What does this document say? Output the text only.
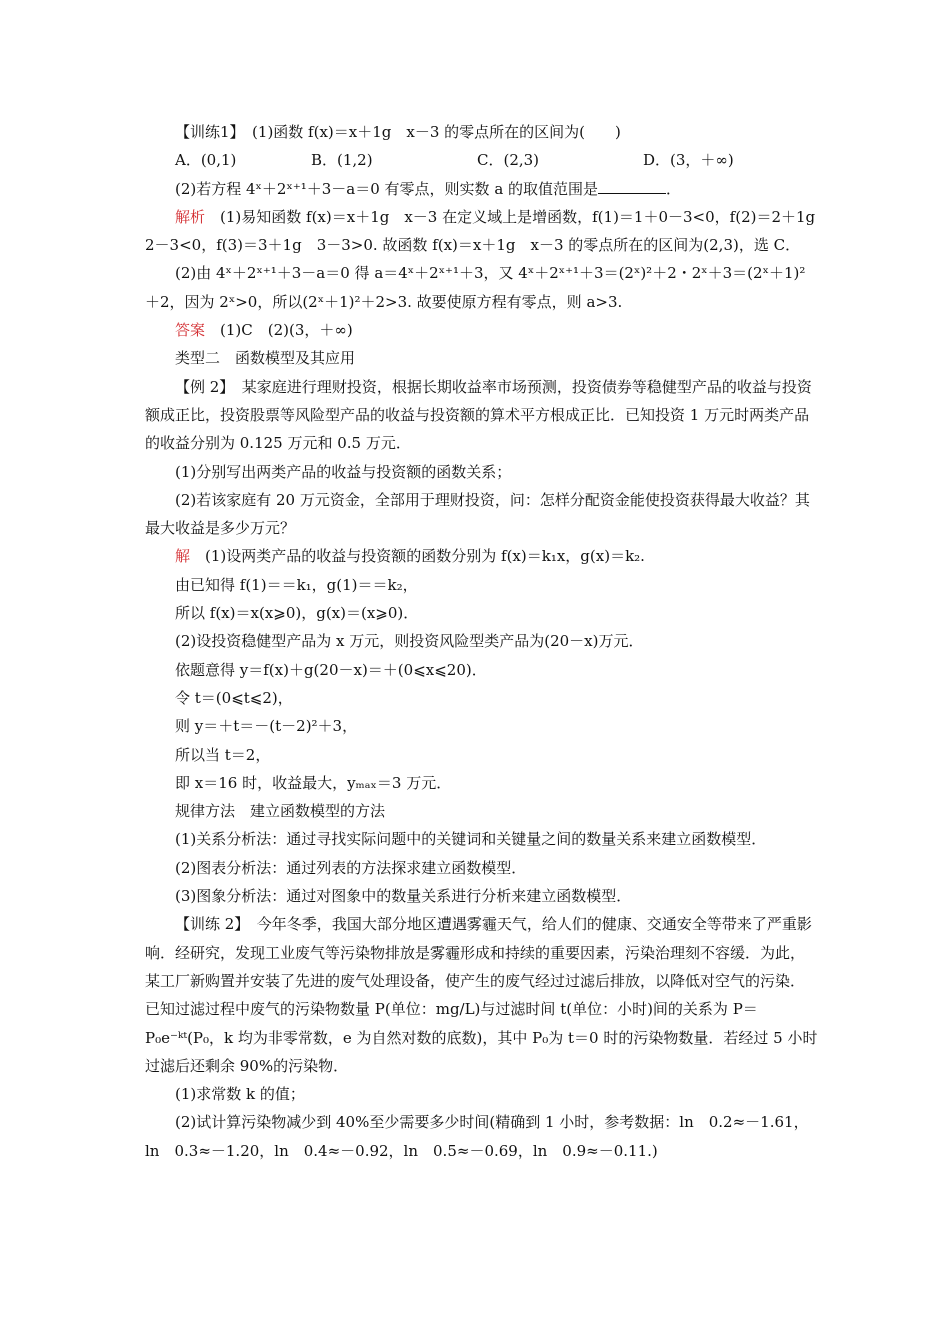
【训练1】　(1)函数 f(x)＝x＋1g　x－3 的零点所在的区间为(　　)

A．(0,1)	B．(1,2)	C．(2,3)	D．(3，＋∞)

(2)若方程 4ˣ＋2ˣ⁺¹＋3－a＝0 有零点，则实数 a 的取值范围是	．

解析　(1)易知函数 f(x)＝x＋1g　x－3 在定义域上是增函数，f(1)＝1＋0－3<0，f(2)＝2＋1g　2－3<0，f(3)＝3＋1g　3－3>0. 故函数 f(x)＝x＋1g　x－3 的零点所在的区间为(2,3)，选 C．

(2)由 4ˣ＋2ˣ⁺¹＋3－a＝0 得 a＝4ˣ＋2ˣ⁺¹＋3，又 4ˣ＋2ˣ⁺¹＋3＝(2ˣ)²＋2・2ˣ＋3＝(2ˣ＋1)²＋2，因为 2ˣ>0，所以(2ˣ＋1)²＋2>3. 故要使原方程有零点，则 a>3.

答案　(1)C　(2)(3，＋∞)

类型二　函数模型及其应用

【例 2】　某家庭进行理财投资，根据长期收益率市场预测，投资债券等稳健型产品的收益与投资额成正比，投资股票等风险型产品的收益与投资额的算术平方根成正比．已知投资 1 万元时两类产品的收益分别为 0.125 万元和 0.5 万元．

(1)分别写出两类产品的收益与投资额的函数关系；

(2)若该家庭有 20 万元资金，全部用于理财投资，问：怎样分配资金能使投资获得最大收益？其最大收益是多少万元？

解　(1)设两类产品的收益与投资额的函数分别为 f(x)＝k₁x，g(x)＝k₂.

由已知得 f(1)＝＝k₁，g(1)＝＝k₂，

所以 f(x)＝x(x⩾0)，g(x)＝(x⩾0)．

(2)设投资稳健型产品为 x 万元，则投资风险型类产品为(20－x)万元．

依题意得 y＝f(x)＋g(20－x)＝＋(0⩽x⩽20)．

令 t＝(0⩽t⩽2)，

则 y＝＋t＝－(t－2)²＋3，

所以当 t＝2，

即 x＝16 时，收益最大，yₘₐₓ＝3 万元．

规律方法　建立函数模型的方法

(1)关系分析法：通过寻找实际问题中的关键词和关键量之间的数量关系来建立函数模型．

(2)图表分析法：通过列表的方法探求建立函数模型．

(3)图象分析法：通过对图象中的数量关系进行分析来建立函数模型．

【训练 2】　今年冬季，我国大部分地区遭遇雾霾天气，给人们的健康、交通安全等带来了严重影响．经研究，发现工业废气等污染物排放是雾霾形成和持续的重要因素，污染治理刻不容缓．为此，某工厂新购置并安装了先进的废气处理设备，使产生的废气经过过滤后排放，以降低对空气的污染．已知过滤过程中废气的污染物数量 P(单位：mg/L)与过滤时间 t(单位：小时)间的关系为 P＝P₀e⁻ᵏᵗ(P₀，k 均为非零常数，e 为自然对数的底数)，其中 P₀为 t＝0 时的污染物数量．若经过 5 小时过滤后还剩余 90%的污染物．

(1)求常数 k 的值；

(2)试计算污染物减少到 40%至少需要多少时间(精确到 1 小时，参考数据：ln　0.2≈－1.61，ln　0.3≈－1.20，ln　0.4≈－0.92，ln　0.5≈－0.69，ln　0.9≈－0.11.)
